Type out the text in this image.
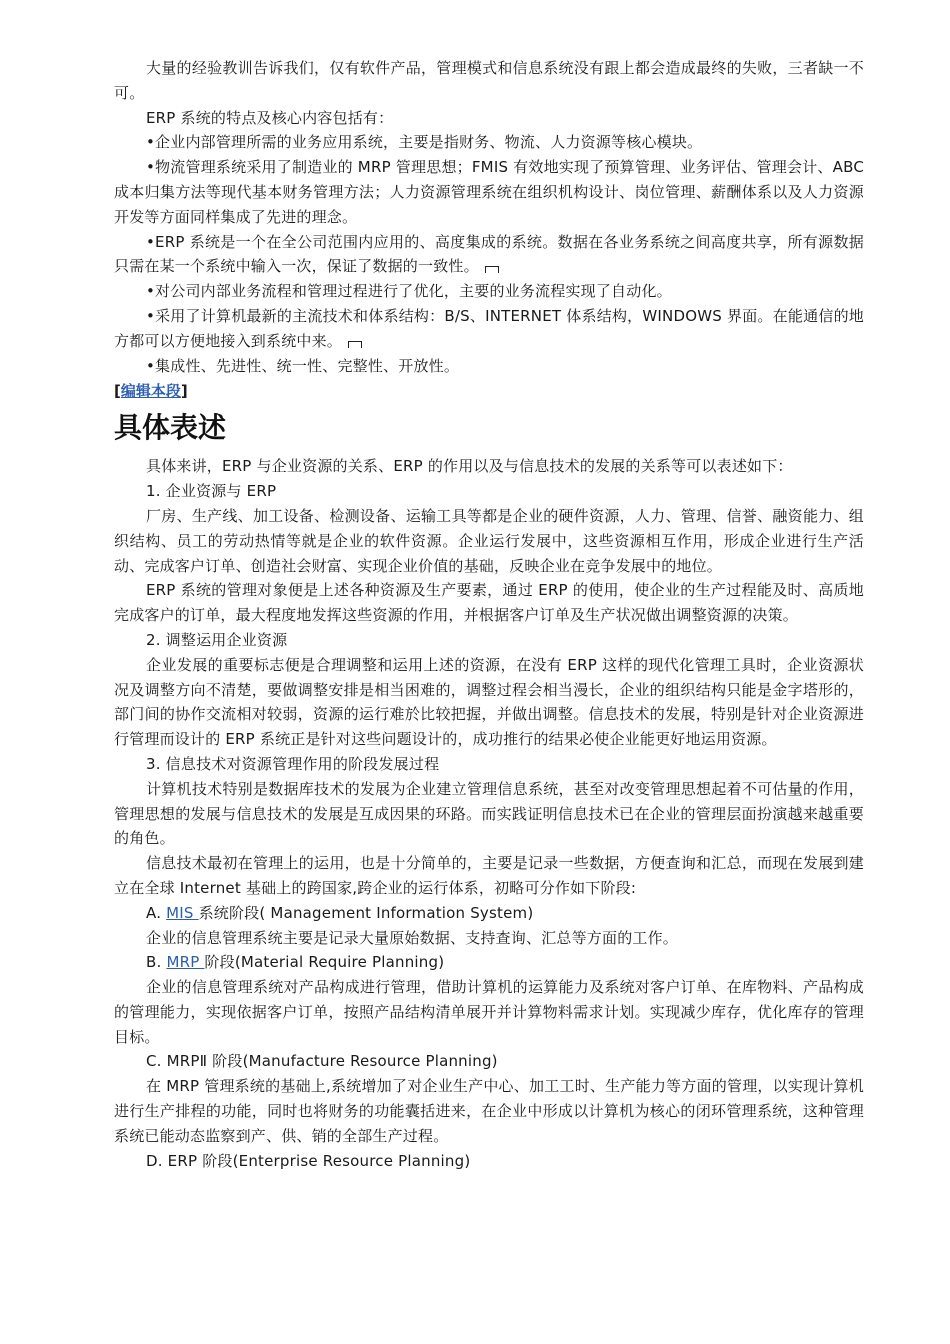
大量的经验教训告诉我们，仅有软件产品，管理模式和信息系统没有跟上都会造成最终的失败，三者缺一不可。

ERP 系统的特点及核心内容包括有：

•企业内部管理所需的业务应用系统，主要是指财务、物流、人力资源等核心模块。

•物流管理系统采用了制造业的 MRP 管理思想；FMIS 有效地实现了预算管理、业务评估、管理会计、ABC 成本归集方法等现代基本财务管理方法；人力资源管理系统在组织机构设计、岗位管理、薪酬体系以及人力资源开发等方面同样集成了先进的理念。

•ERP 系统是一个在全公司范围内应用的、高度集成的系统。数据在各业务系统之间高度共享，所有源数据只需在某一个系统中输入一次，保证了数据的一致性。

•对公司内部业务流程和管理过程进行了优化，主要的业务流程实现了自动化。

•采用了计算机最新的主流技术和体系结构：B/S、INTERNET 体系结构，WINDOWS 界面。在能通信的地方都可以方便地接入到系统中来。

•集成性、先进性、统一性、完整性、开放性。

[编辑本段]
具体表述

具体来讲，ERP 与企业资源的关系、ERP 的作用以及与信息技术的发展的关系等可以表述如下：

1. 企业资源与 ERP

厂房、生产线、加工设备、检测设备、运输工具等都是企业的硬件资源，人力、管理、信誉、融资能力、组织结构、员工的劳动热情等就是企业的软件资源。企业运行发展中，这些资源相互作用，形成企业进行生产活动、完成客户订单、创造社会财富、实现企业价值的基础，反映企业在竞争发展中的地位。

ERP 系统的管理对象便是上述各种资源及生产要素，通过 ERP 的使用，使企业的生产过程能及时、高质地完成客户的订单，最大程度地发挥这些资源的作用，并根据客户订单及生产状况做出调整资源的决策。

2. 调整运用企业资源

企业发展的重要标志便是合理调整和运用上述的资源，在没有 ERP 这样的现代化管理工具时，企业资源状况及调整方向不清楚，要做调整安排是相当困难的，调整过程会相当漫长，企业的组织结构只能是金字塔形的，部门间的协作交流相对较弱，资源的运行难於比较把握，并做出调整。信息技术的发展，特别是针对企业资源进行管理而设计的 ERP 系统正是针对这些问题设计的，成功推行的结果必使企业能更好地运用资源。

3. 信息技术对资源管理作用的阶段发展过程

计算机技术特别是数据库技术的发展为企业建立管理信息系统，甚至对改变管理思想起着不可估量的作用，管理思想的发展与信息技术的发展是互成因果的环路。而实践证明信息技术已在企业的管理层面扮演越来越重要的角色。

信息技术最初在管理上的运用，也是十分简单的，主要是记录一些数据，方便查询和汇总，而现在发展到建立在全球 Internet 基础上的跨国家,跨企业的运行体系，初略可分作如下阶段:

A. MIS 系统阶段( Management Information System)

企业的信息管理系统主要是记录大量原始数据、支持查询、汇总等方面的工作。

B. MRP 阶段(Material Require Planning)

企业的信息管理系统对产品构成进行管理，借助计算机的运算能力及系统对客户订单、在库物料、产品构成的管理能力，实现依据客户订单，按照产品结构清单展开并计算物料需求计划。实现减少库存，优化库存的管理目标。

C. MRPⅡ 阶段(Manufacture Resource Planning)

在 MRP 管理系统的基础上,系统增加了对企业生产中心、加工工时、生产能力等方面的管理，以实现计算机进行生产排程的功能，同时也将财务的功能囊括进来，在企业中形成以计算机为核心的闭环管理系统，这种管理系统已能动态监察到产、供、销的全部生产过程。

D. ERP 阶段(Enterprise Resource Planning)
